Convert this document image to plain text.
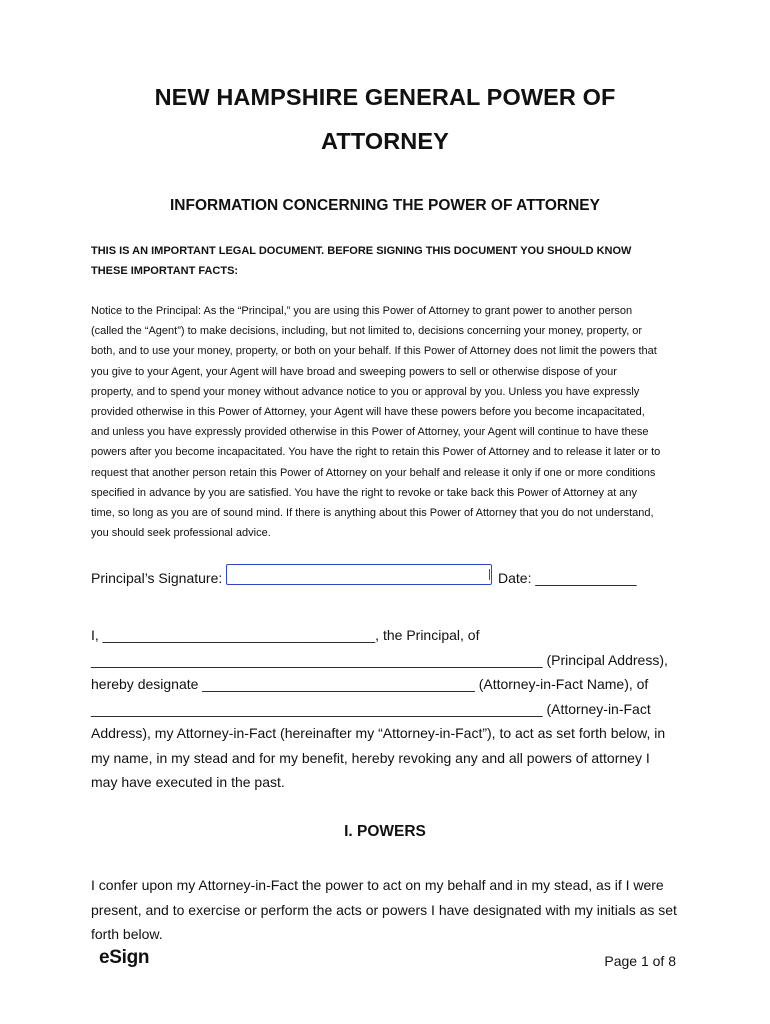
NEW HAMPSHIRE GENERAL POWER OF
ATTORNEY
INFORMATION CONCERNING THE POWER OF ATTORNEY
THIS IS AN IMPORTANT LEGAL DOCUMENT. BEFORE SIGNING THIS DOCUMENT YOU SHOULD KNOW
THESE IMPORTANT FACTS:
Notice to the Principal: As the “Principal,” you are using this Power of Attorney to grant power to another person
(called the “Agent”) to make decisions, including, but not limited to, decisions concerning your money, property, or
both, and to use your money, property, or both on your behalf. If this Power of Attorney does not limit the powers that
you give to your Agent, your Agent will have broad and sweeping powers to sell or otherwise dispose of your
property, and to spend your money without advance notice to you or approval by you. Unless you have expressly
provided otherwise in this Power of Attorney, your Agent will have these powers before you become incapacitated,
and unless you have expressly provided otherwise in this Power of Attorney, your Agent will continue to have these
powers after you become incapacitated. You have the right to retain this Power of Attorney and to release it later or to
request that another person retain this Power of Attorney on your behalf and release it only if one or more conditions
specified in advance by you are satisfied. You have the right to revoke or take back this Power of Attorney at any
time, so long as you are of sound mind. If there is anything about this Power of Attorney that you do not understand,
you should seek professional advice.
Principal’s Signature:	Date: _____________
I, ___________________________________, the Principal, of
__________________________________________________________ (Principal Address),
hereby designate ___________________________________ (Attorney-in-Fact Name), of
__________________________________________________________ (Attorney-in-Fact
Address), my Attorney-in-Fact (hereinafter my “Attorney-in-Fact”), to act as set forth below, in
my name, in my stead and for my benefit, hereby revoking any and all powers of attorney I
may have executed in the past.
I. POWERS
I confer upon my Attorney-in-Fact the power to act on my behalf and in my stead, as if I were
present, and to exercise or perform the acts or powers I have designated with my initials as set
forth below.
eSign	Page 1 of 8
